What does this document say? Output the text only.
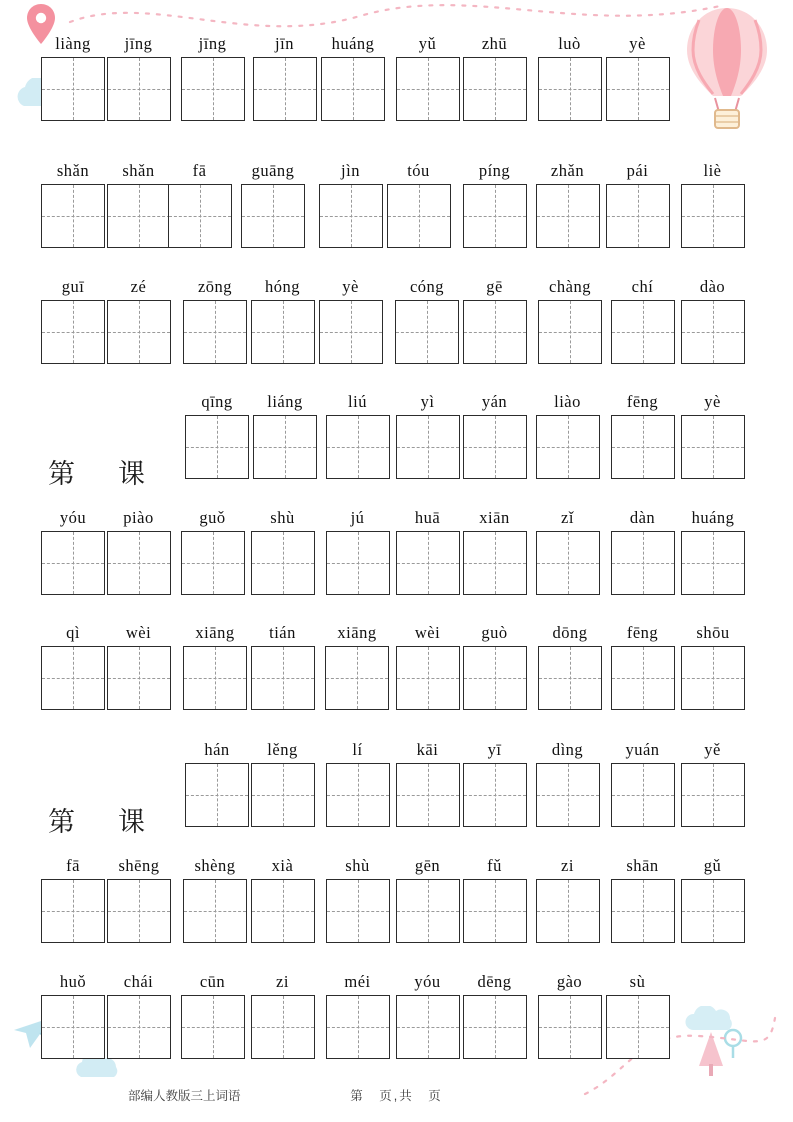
liàng	jīng	jīng	jīn	huáng	yǔ	zhū	luò	yè
shǎn	shǎn	fā	guāng	jìn	tóu	píng	zhǎn	pái	liè
guī	zé	zōng	hóng	yè	cóng	gē	chàng	chí	dào
第　课
qīng	liáng	liú	yì	yán	liào	fēng	yè
yóu	piào	guǒ	shù	jú	huā	xiān	zǐ	dàn	huáng
qì	wèi	xiāng	tián	xiāng	wèi	guò	dōng	fēng	shōu
第　课
hán	lěng	lí	kāi	yī	dìng	yuán	yě
fā	shēng	shèng	xià	shù	gēn	fǔ	zi	shān	gǔ
huǒ	chái	cūn	zi	méi	yóu	dēng	gào	sù
部编人教版三上词语	第　页,共　页
